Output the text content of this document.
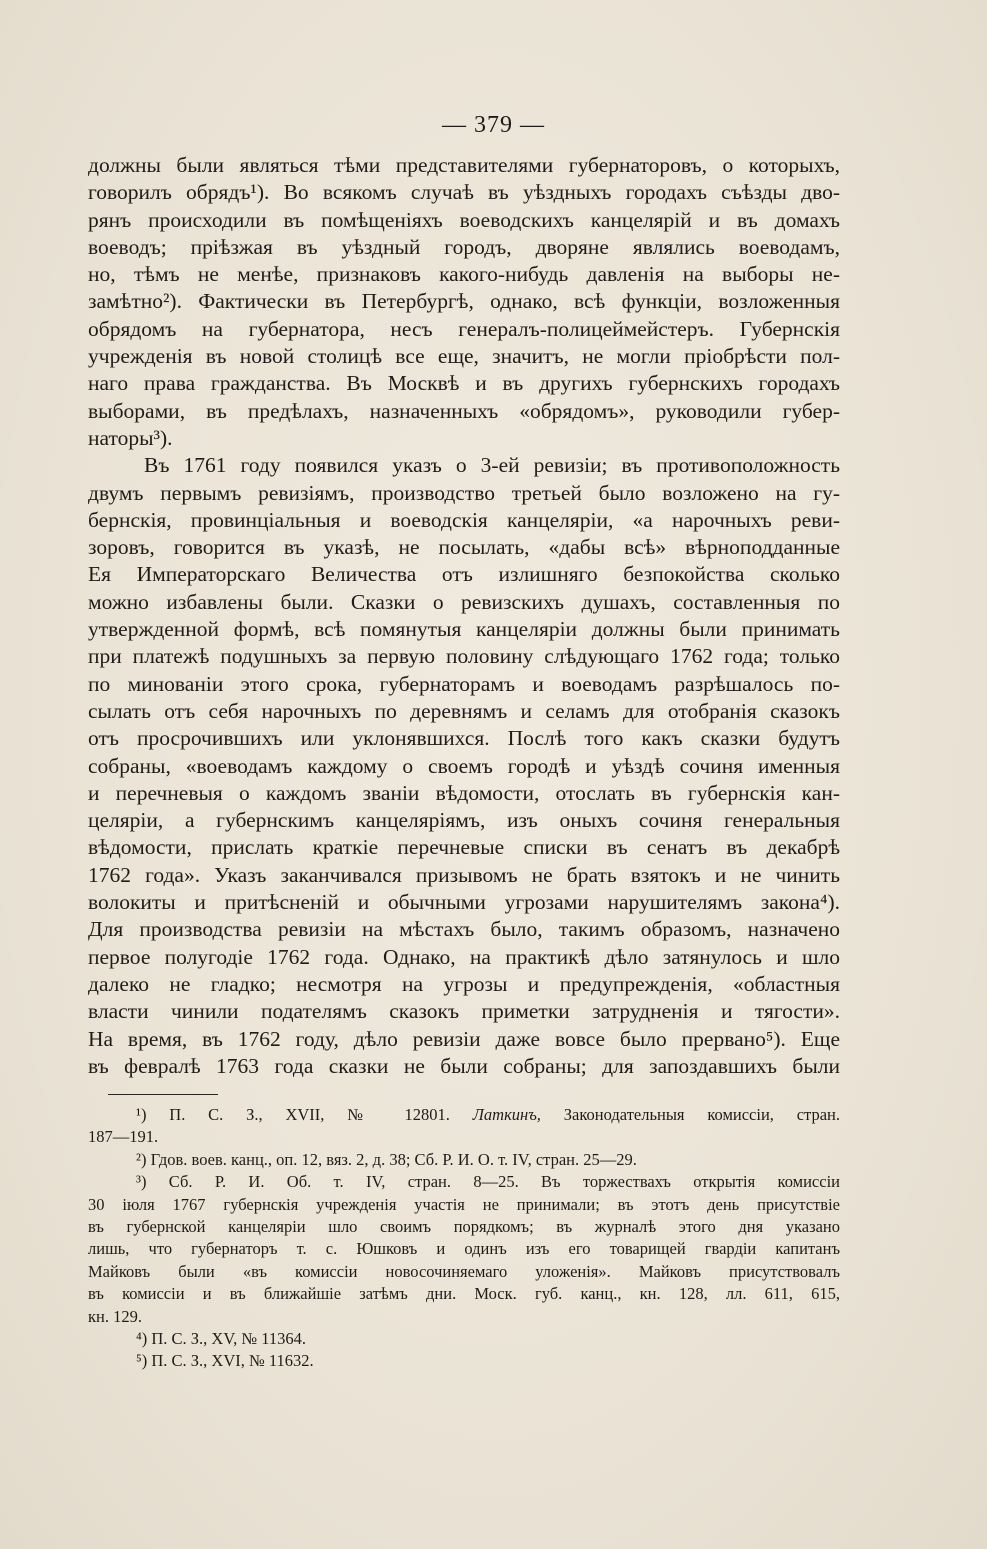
— 379 —
должны были являться тѣми представителями губернаторовъ, о которыхъ,
говорилъ обрядъ¹). Во всякомъ случаѣ въ уѣздныхъ городахъ съѣзды дво-
рянъ происходили въ помѣщеніяхъ воеводскихъ канцелярій и въ домахъ
воеводъ; пріѣзжая въ уѣздный городъ, дворяне являлись воеводамъ,
но, тѣмъ не менѣе, признаковъ какого-нибудь давленія на выборы не-
замѣтно²). Фактически въ Петербургѣ, однако, всѣ функціи, возложенныя
обрядомъ на губернатора, несъ генералъ-полицеймейстеръ. Губернскія
учрежденія въ новой столицѣ все еще, значитъ, не могли пріобрѣсти пол-
наго права гражданства. Въ Москвѣ и въ другихъ губернскихъ городахъ
выборами, въ предѣлахъ, назначенныхъ «обрядомъ», руководили губер-
наторы³).
Въ 1761 году появился указъ о 3-ей ревизіи; въ противоположность
двумъ первымъ ревизіямъ, производство третьей было возложено на гу-
бернскія, провинціальныя и воеводскія канцеляріи, «а нарочныхъ реви-
зоровъ, говорится въ указѣ, не посылать, «дабы всѣ» вѣрноподданные
Ея Императорскаго Величества отъ излишняго безпокойства сколько
можно избавлены были. Сказки о ревизскихъ душахъ, составленныя по
утвержденной формѣ, всѣ помянутыя канцеляріи должны были принимать
при платежѣ подушныхъ за первую половину слѣдующаго 1762 года; только
по минованіи этого срока, губернаторамъ и воеводамъ разрѣшалось по-
сылать отъ себя нарочныхъ по деревнямъ и селамъ для отобранія сказокъ
отъ просрочившихъ или уклонявшихся. Послѣ того какъ сказки будутъ
собраны, «воеводамъ каждому о своемъ городѣ и уѣздѣ сочиня именныя
и перечневыя о каждомъ званіи вѣдомости, отослать въ губернскія кан-
целяріи, а губернскимъ канцеляріямъ, изъ оныхъ сочиня генеральныя
вѣдомости, прислать краткіе перечневые списки въ сенатъ въ декабрѣ
1762 года». Указъ заканчивался призывомъ не брать взятокъ и не чинить
волокиты и притѣсненій и обычными угрозами нарушителямъ закона⁴).
Для производства ревизіи на мѣстахъ было, такимъ образомъ, назначено
первое полугодіе 1762 года. Однако, на практикѣ дѣло затянулось и шло
далеко не гладко; несмотря на угрозы и предупрежденія, «областныя
власти чинили подателямъ сказокъ приметки затрудненія и тягости».
На время, въ 1762 году, дѣло ревизіи даже вовсе было прервано⁵). Еще
въ февралѣ 1763 года сказки не были собраны; для запоздавшихъ были
¹) П. С. З., XVII, № 12801. Латкинъ, Законодательныя комиссіи, стран.
187—191.
²) Гдов. воев. канц., оп. 12, вяз. 2, д. 38; Сб. Р. И. О. т. IV, стран. 25—29.
³) Сб. Р. И. Об. т. IV, стран. 8—25. Въ торжествахъ открытія комиссіи
30 іюля 1767 губернскія учрежденія участія не принимали; въ этотъ день присутствіе
въ губернской канцеляріи шло своимъ порядкомъ; въ журналѣ этого дня указано
лишь, что губернаторъ т. с. Юшковъ и одинъ изъ его товарищей гвардіи капитанъ
Майковъ были «въ комиссіи новосочиняемаго уложенія». Майковъ присутствовалъ
въ комиссіи и въ ближайшіе затѣмъ дни. Моск. губ. канц., кн. 128, лл. 611, 615,
кн. 129.
⁴) П. С. З., XV, № 11364.
⁵) П. С. З., XVI, № 11632.
